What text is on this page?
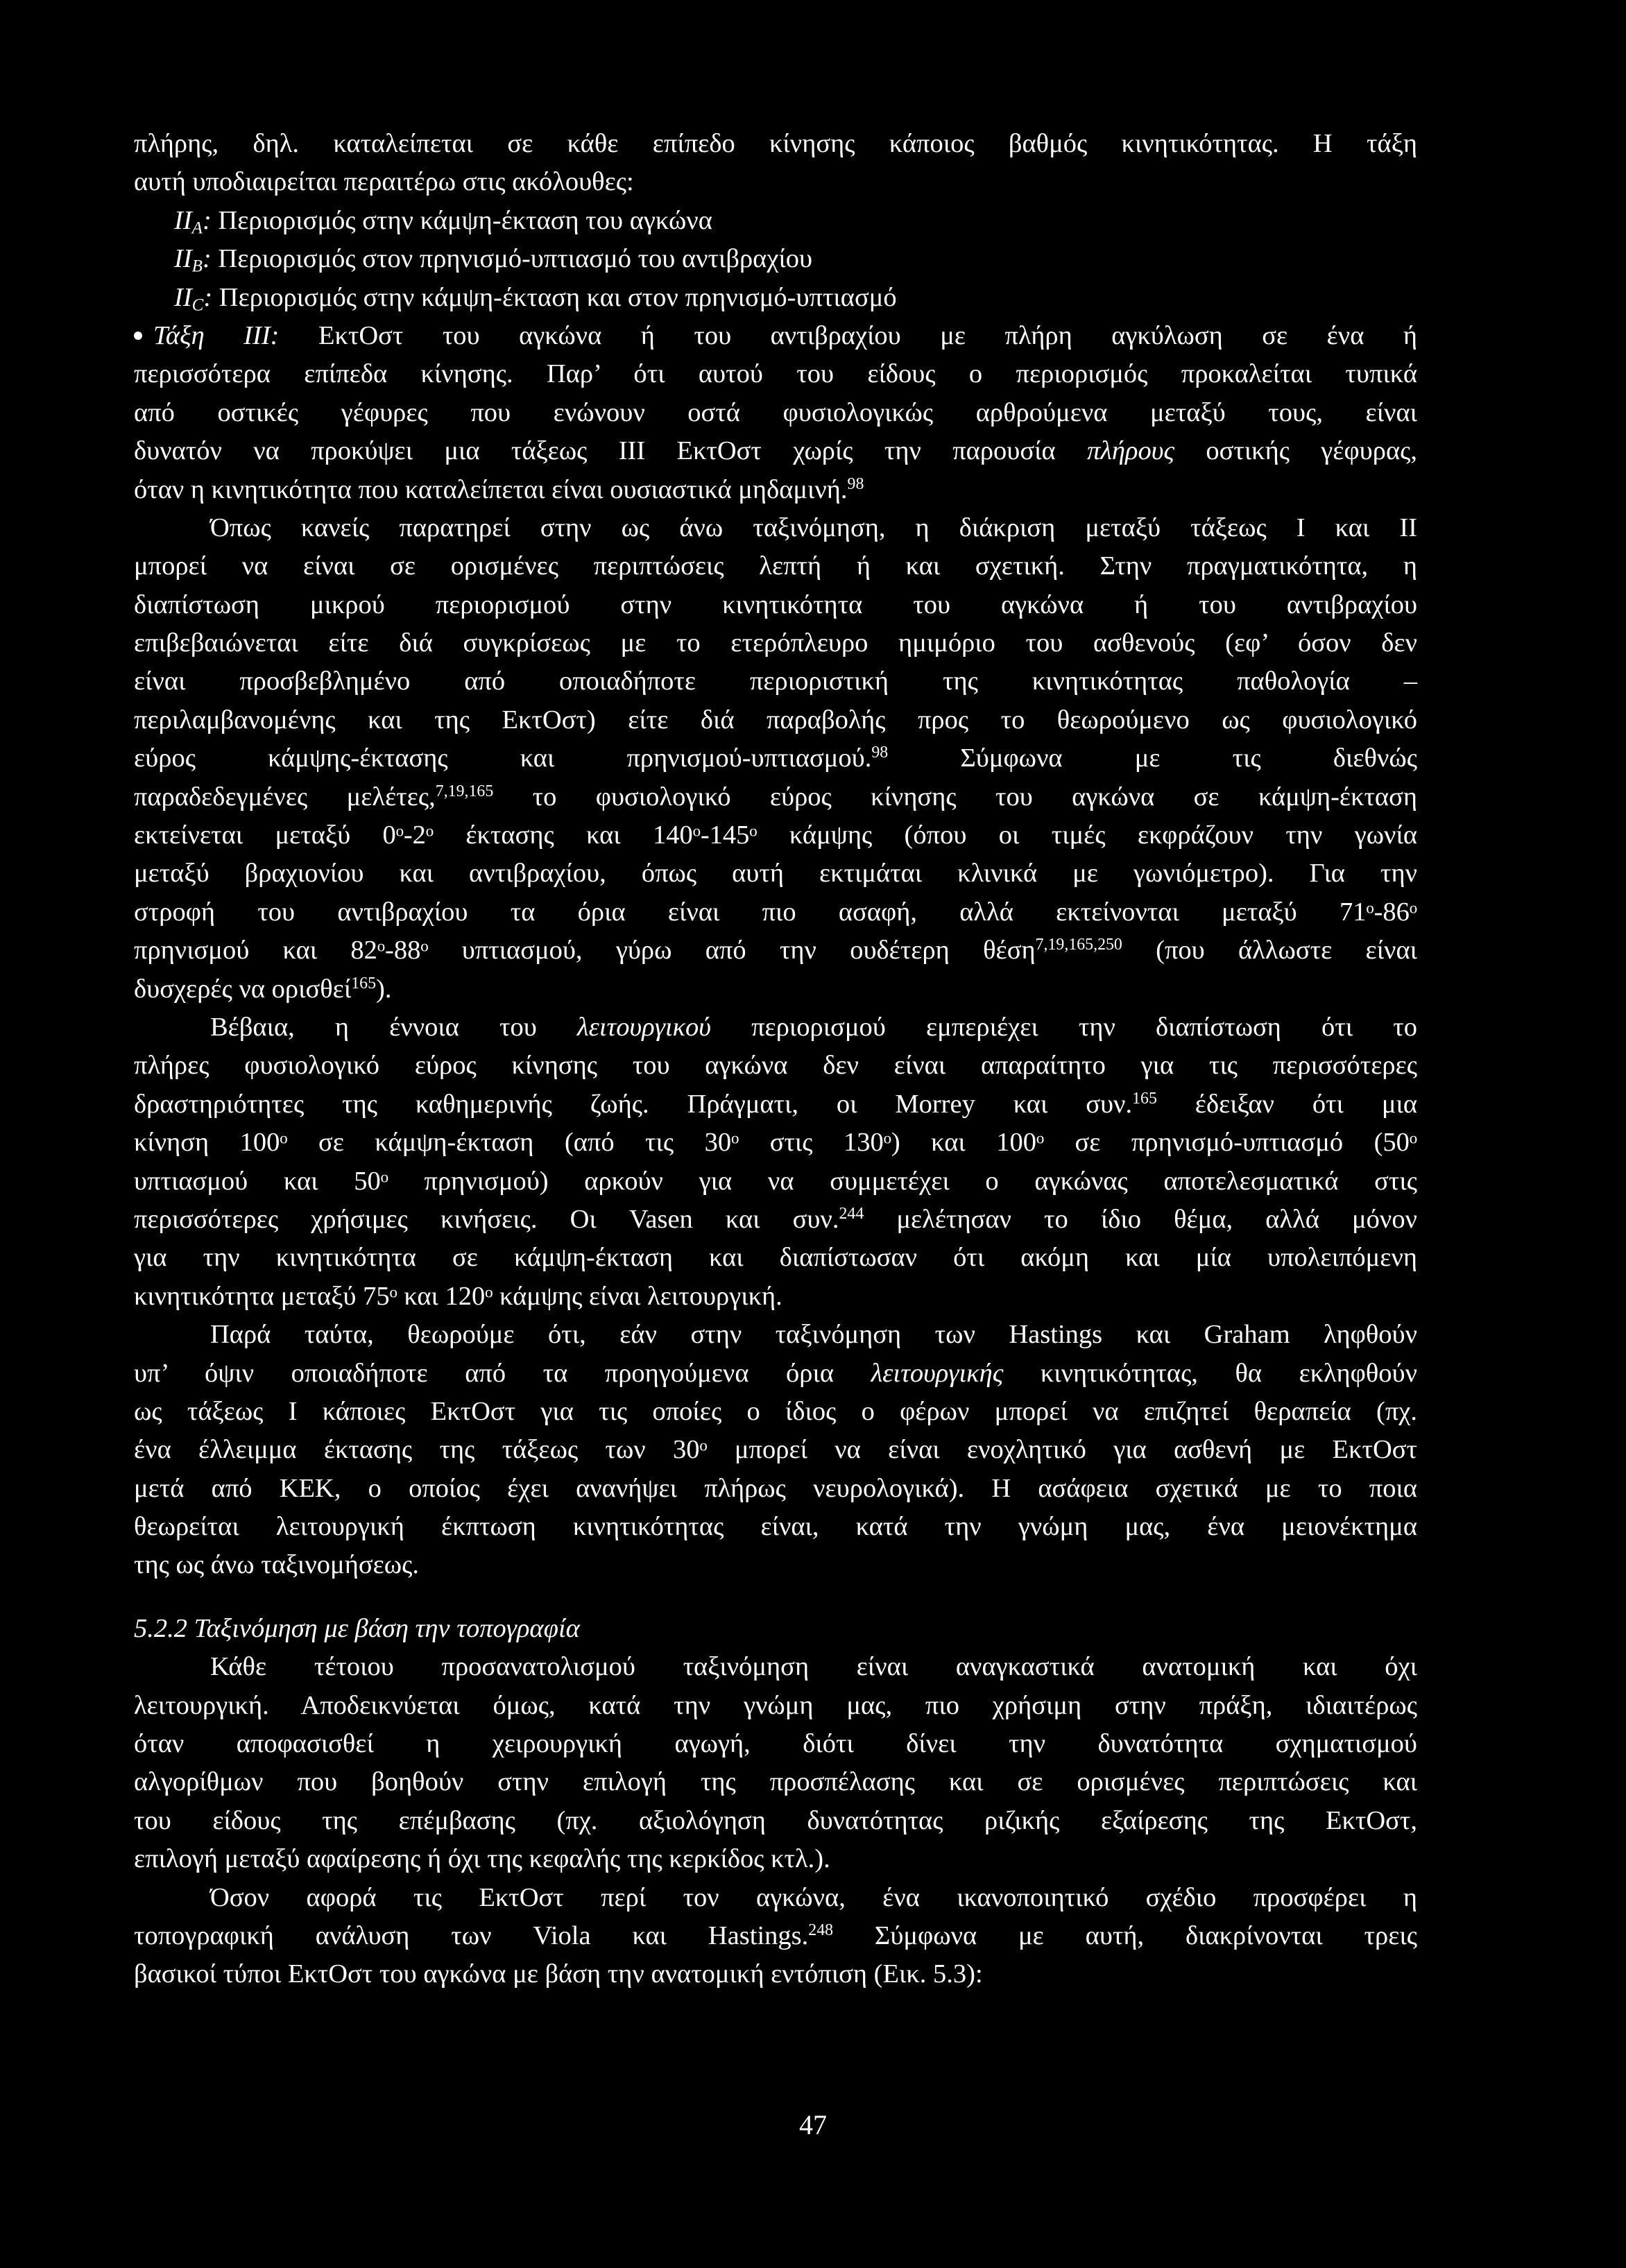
πλήρης, δηλ. καταλείπεται σε κάθε επίπεδο κίνησης κάποιος βαθμός κινητικότητας. Η τάξη
αυτή υποδιαιρείται περαιτέρω στις ακόλουθες:
$II_A$: Περιορισμός στην κάμψη-έκταση του αγκώνα
$II_B$: Περιορισμός στον πρηνισμό-υπτιασμό του αντιβραχίου
$II_C$: Περιορισμός στην κάμψη-έκταση και στον πρηνισμό-υπτιασμό
Τάξη ΙΙΙ: ΕκτΟστ του αγκώνα ή του αντιβραχίου με πλήρη αγκύλωση σε ένα ή
περισσότερα επίπεδα κίνησης. Παρ’ ότι αυτού του είδους ο περιορισμός προκαλείται τυπικά
από οστικές γέφυρες που ενώνουν οστά φυσιολογικώς αρθρούμενα μεταξύ τους, είναι
δυνατόν να προκύψει μια τάξεως ΙΙΙ ΕκτΟστ χωρίς την παρουσία πλήρους οστικής γέφυρας,
όταν η κινητικότητα που καταλείπεται είναι ουσιαστικά μηδαμινή.$^{98}$
Όπως κανείς παρατηρεί στην ως άνω ταξινόμηση, η διάκριση μεταξύ τάξεως Ι και ΙΙ
μπορεί να είναι σε ορισμένες περιπτώσεις λεπτή ή και σχετική. Στην πραγματικότητα, η
διαπίστωση μικρού περιορισμού στην κινητικότητα του αγκώνα ή του αντιβραχίου
επιβεβαιώνεται είτε διά συγκρίσεως με το ετερόπλευρο ημιμόριο του ασθενούς (εφ’ όσον δεν
είναι προσβεβλημένο από οποιαδήποτε περιοριστική της κινητικότητας παθολογία –
περιλαμβανομένης και της ΕκτΟστ) είτε διά παραβολής προς το θεωρούμενο ως φυσιολογικό
εύρος κάμψης-έκτασης και πρηνισμού-υπτιασμού.$^{98}$ Σύμφωνα με τις διεθνώς
παραδεδεγμένες μελέτες,$^{7,19,165}$ το φυσιολογικό εύρος κίνησης του αγκώνα σε κάμψη-έκταση
εκτείνεται μεταξύ 0ᵒ-2ᵒ έκτασης και 140ᵒ-145ᵒ κάμψης (όπου οι τιμές εκφράζουν την γωνία
μεταξύ βραχιονίου και αντιβραχίου, όπως αυτή εκτιμάται κλινικά με γωνιόμετρο). Για την
στροφή του αντιβραχίου τα όρια είναι πιο ασαφή, αλλά εκτείνονται μεταξύ 71ᵒ-86ᵒ
πρηνισμού και 82ᵒ-88ᵒ υπτιασμού, γύρω από την ουδέτερη θέση$^{7,19,165,250}$ (που άλλωστε είναι
δυσχερές να ορισθεί$^{165}$).
Βέβαια, η έννοια του λειτουργικού περιορισμού εμπεριέχει την διαπίστωση ότι το
πλήρες φυσιολογικό εύρος κίνησης του αγκώνα δεν είναι απαραίτητο για τις περισσότερες
δραστηριότητες της καθημερινής ζωής. Πράγματι, οι Morrey και συν.$^{165}$ έδειξαν ότι μια
κίνηση 100ᵒ σε κάμψη-έκταση (από τις 30ᵒ στις 130ᵒ) και 100ᵒ σε πρηνισμό-υπτιασμό (50ᵒ
υπτιασμού και 50ᵒ πρηνισμού) αρκούν για να συμμετέχει ο αγκώνας αποτελεσματικά στις
περισσότερες χρήσιμες κινήσεις. Οι Vasen και συν.$^{244}$ μελέτησαν το ίδιο θέμα, αλλά μόνον
για την κινητικότητα σε κάμψη-έκταση και διαπίστωσαν ότι ακόμη και μία υπολειπόμενη
κινητικότητα μεταξύ 75ᵒ και 120ᵒ κάμψης είναι λειτουργική.
Παρά ταύτα, θεωρούμε ότι, εάν στην ταξινόμηση των Hastings και Graham ληφθούν
υπ’ όψιν οποιαδήποτε από τα προηγούμενα όρια λειτουργικής κινητικότητας, θα εκληφθούν
ως τάξεως Ι κάποιες ΕκτΟστ για τις οποίες ο ίδιος ο φέρων μπορεί να επιζητεί θεραπεία (πχ.
ένα έλλειμμα έκτασης της τάξεως των 30ᵒ μπορεί να είναι ενοχλητικό για ασθενή με ΕκτΟστ
μετά από ΚΕΚ, ο οποίος έχει ανανήψει πλήρως νευρολογικά). Η ασάφεια σχετικά με το ποια
θεωρείται λειτουργική έκπτωση κινητικότητας είναι, κατά την γνώμη μας, ένα μειονέκτημα
της ως άνω ταξινομήσεως.
5.2.2 Ταξινόμηση με βάση την τοπογραφία
Κάθε τέτοιου προσανατολισμού ταξινόμηση είναι αναγκαστικά ανατομική και όχι
λειτουργική. Αποδεικνύεται όμως, κατά την γνώμη μας, πιο χρήσιμη στην πράξη, ιδιαιτέρως
όταν αποφασισθεί η χειρουργική αγωγή, διότι δίνει την δυνατότητα σχηματισμού
αλγορίθμων που βοηθούν στην επιλογή της προσπέλασης και σε ορισμένες περιπτώσεις και
του είδους της επέμβασης (πχ. αξιολόγηση δυνατότητας ριζικής εξαίρεσης της ΕκτΟστ,
επιλογή μεταξύ αφαίρεσης ή όχι της κεφαλής της κερκίδος κτλ.).
Όσον αφορά τις ΕκτΟστ περί τον αγκώνα, ένα ικανοποιητικό σχέδιο προσφέρει η
τοπογραφική ανάλυση των Viola και Hastings.$^{248}$ Σύμφωνα με αυτή, διακρίνονται τρεις
βασικοί τύποι ΕκτΟστ του αγκώνα με βάση την ανατομική εντόπιση (Εικ. 5.3):
47
